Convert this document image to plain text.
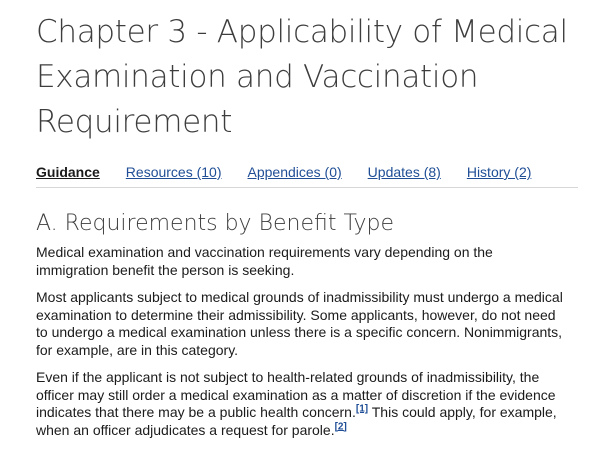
Chapter 3 - Applicability of Medical Examination and Vaccination Requirement
Guidance Resources (10) Appendices (0) Updates (8) History (2)
A. Requirements by Benefit Type

Medical examination and vaccination requirements vary depending on the immigration benefit the person is seeking.

Most applicants subject to medical grounds of inadmissibility must undergo a medical examination to determine their admissibility. Some applicants, however, do not need to undergo a medical examination unless there is a specific concern. Nonimmigrants, for example, are in this category.

Even if the applicant is not subject to health-related grounds of inadmissibility, the officer may still order a medical examination as a matter of discretion if the evidence indicates that there may be a public health concern.[1] This could apply, for example, when an officer adjudicates a request for parole.[2]
